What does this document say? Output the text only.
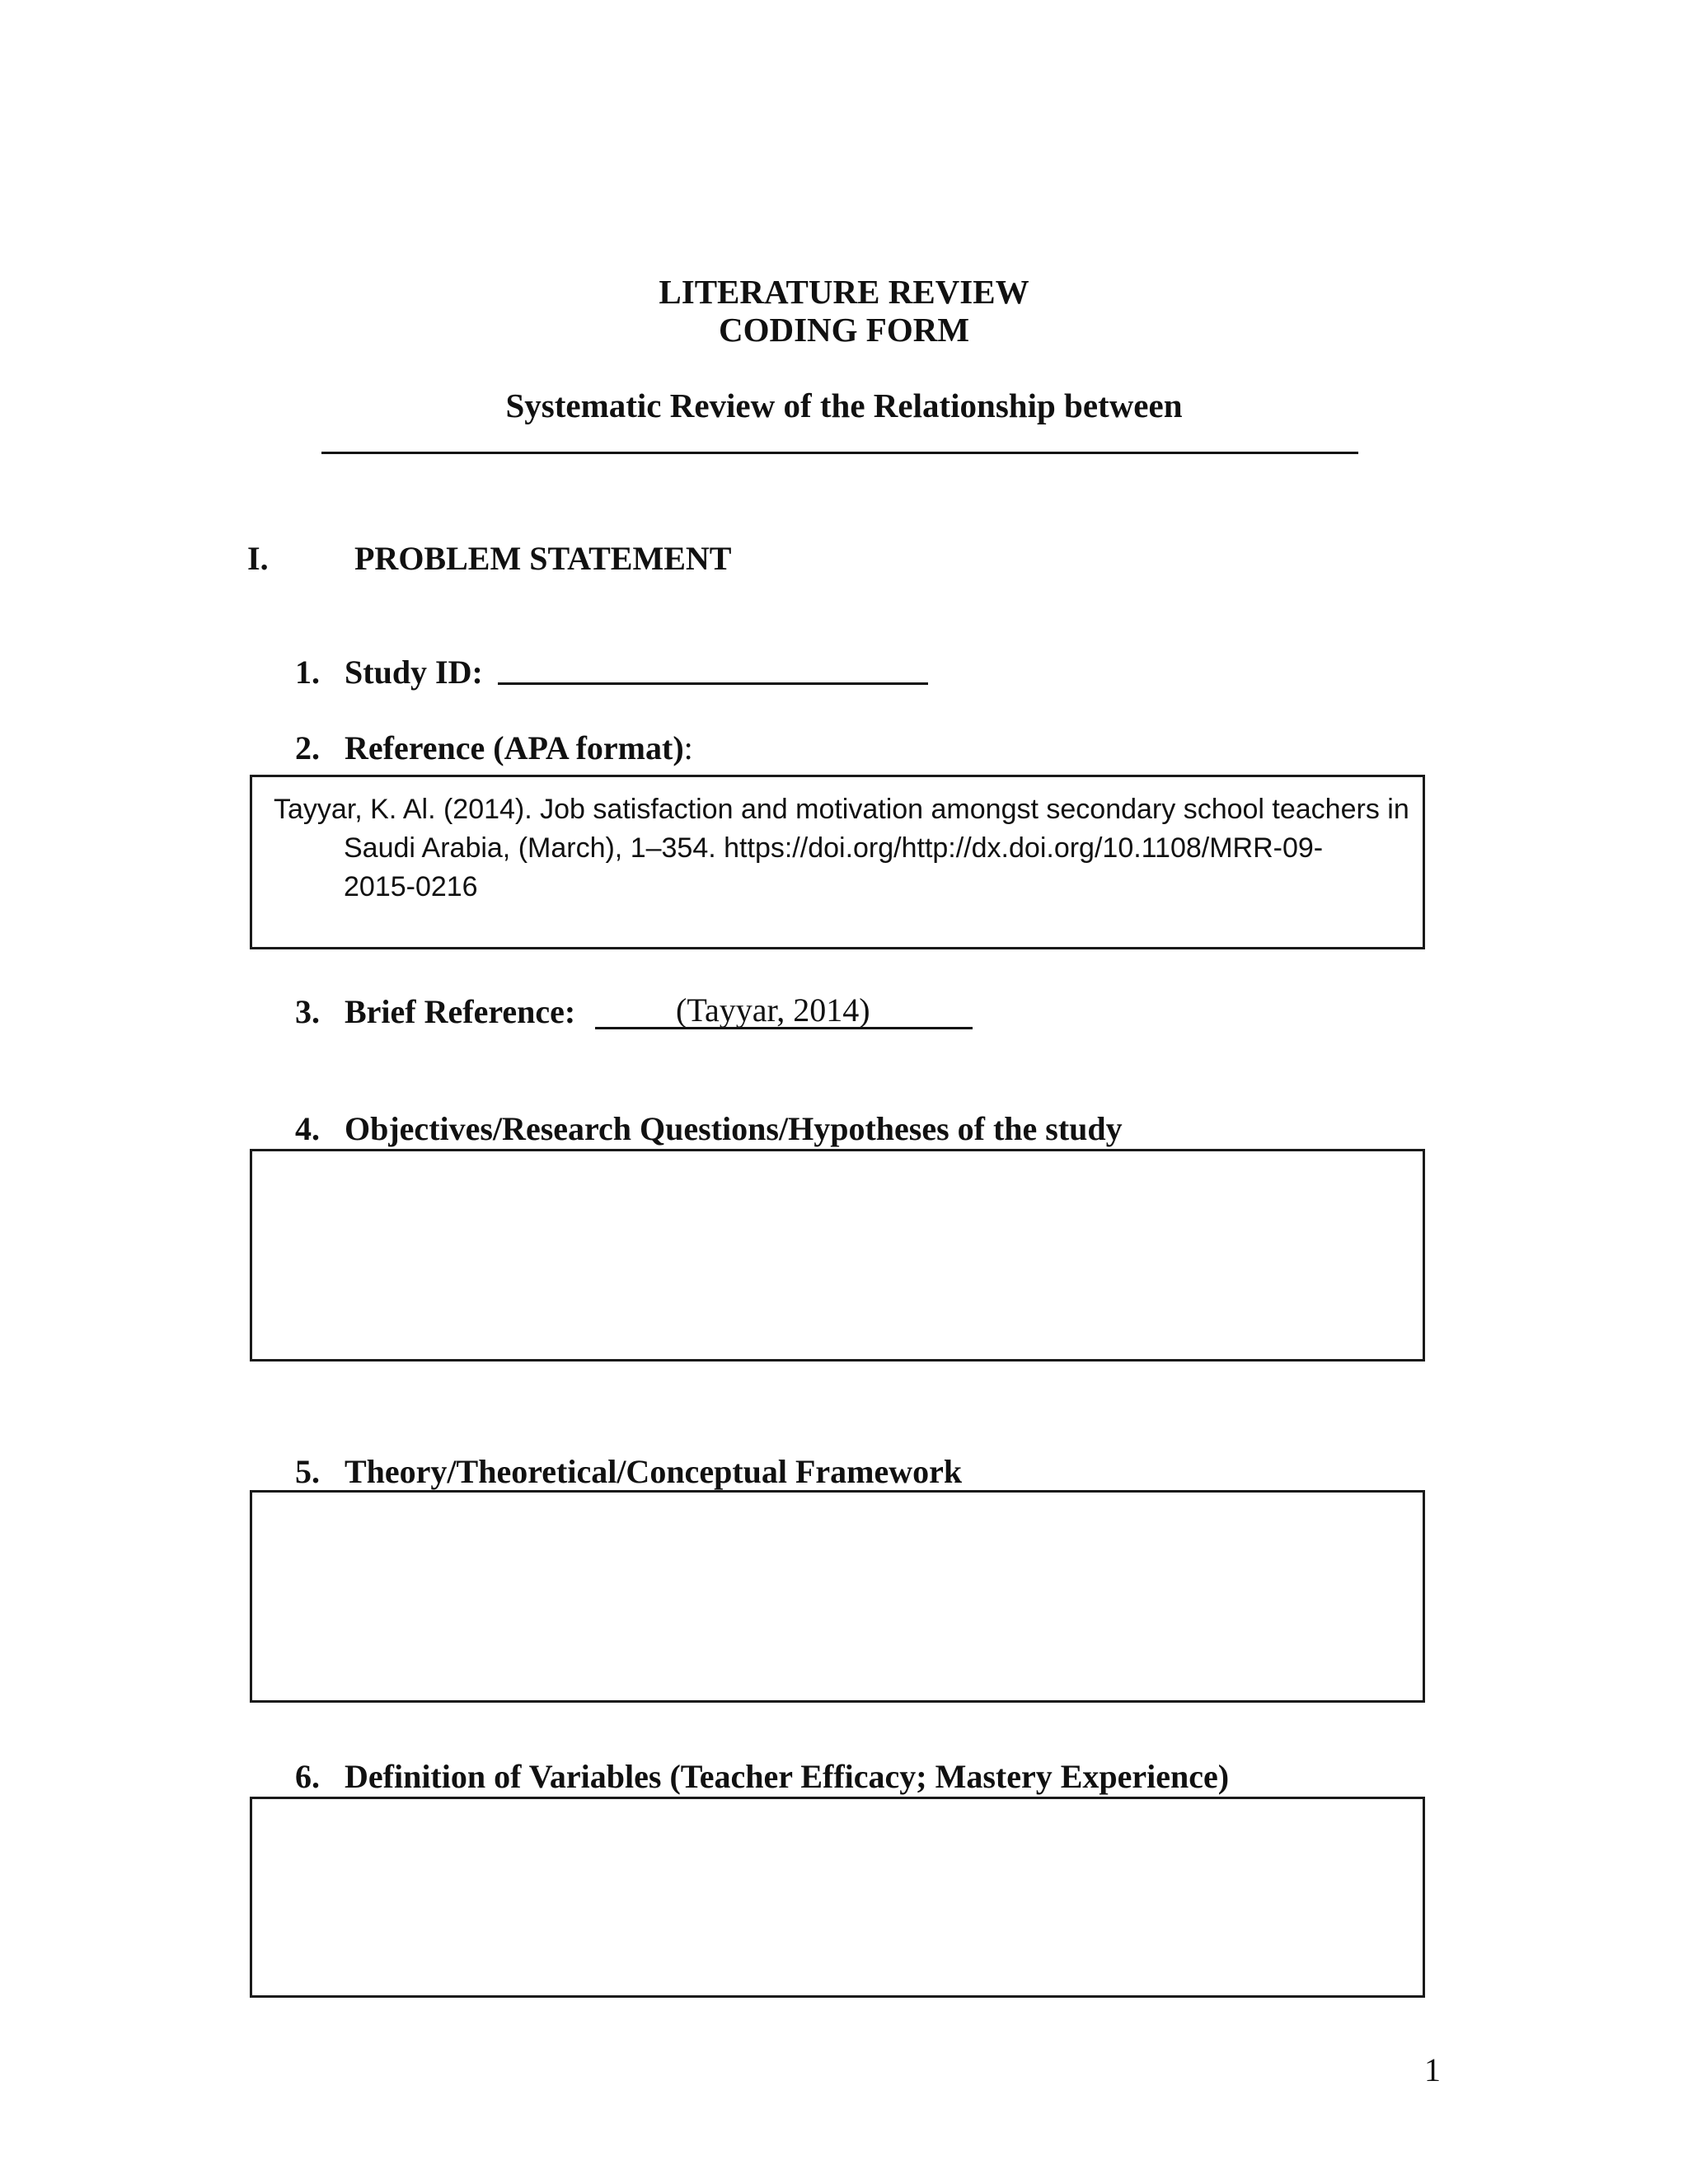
LITERATURE REVIEW
CODING FORM
Systematic Review of the Relationship between
I.	PROBLEM STATEMENT
1. Study ID:
2. Reference (APA format):
Tayyar, K. Al. (2014). Job satisfaction and motivation amongst secondary school teachers in
Saudi Arabia, (March), 1–354. https://doi.org/http://dx.doi.org/10.1108/MRR-09-
2015-0216
3. Brief Reference:	(Tayyar, 2014)
4. Objectives/Research Questions/Hypotheses of the study
5. Theory/Theoretical/Conceptual Framework
6. Definition of Variables (Teacher Efficacy; Mastery Experience)
1
